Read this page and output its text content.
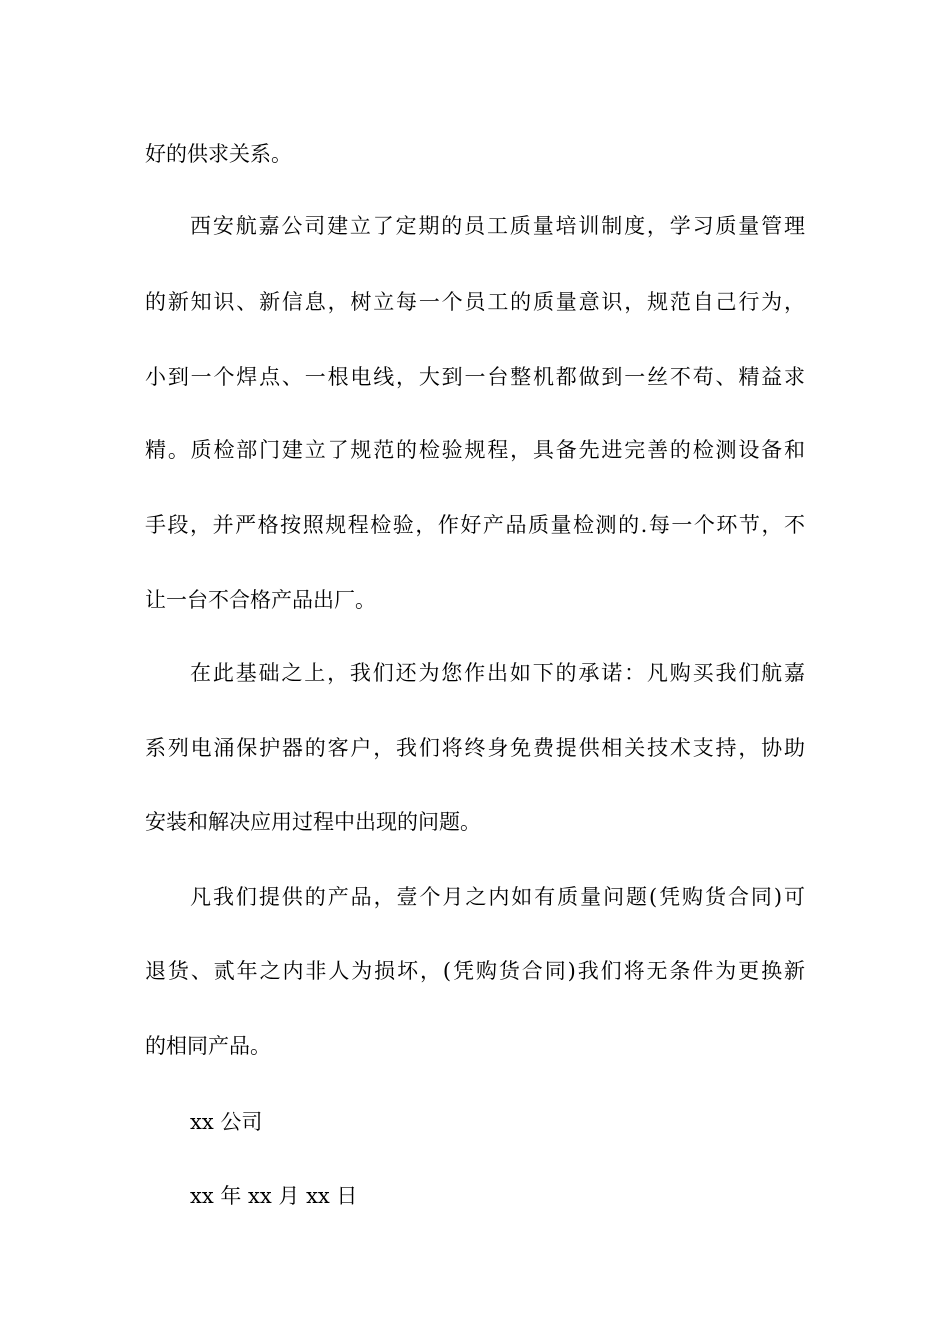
好的供求关系。
西安航嘉公司建立了定期的员工质量培训制度，学习质量管理
的新知识、新信息，树立每一个员工的质量意识，规范自己行为，
小到一个焊点、一根电线，大到一台整机都做到一丝不苟、精益求
精。质检部门建立了规范的检验规程，具备先进完善的检测设备和
手段，并严格按照规程检验，作好产品质量检测的.每一个环节，不
让一台不合格产品出厂。
在此基础之上，我们还为您作出如下的承诺：凡购买我们航嘉
系列电涌保护器的客户，我们将终身免费提供相关技术支持，协助
安装和解决应用过程中出现的问题。
凡我们提供的产品，壹个月之内如有质量问题(凭购货合同)可
退货、贰年之内非人为损坏，(凭购货合同)我们将无条件为更换新
的相同产品。
xx 公司
xx 年 xx 月 xx 日
